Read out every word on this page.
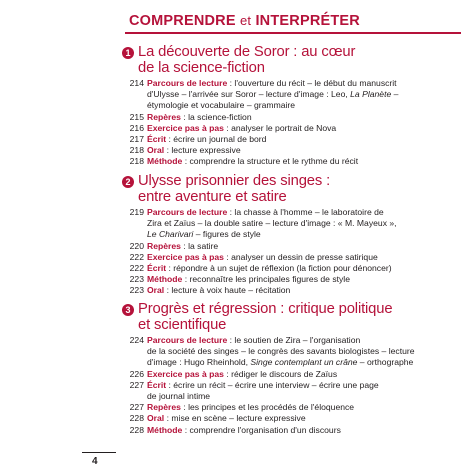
COMPRENDRE et INTERPRÉTER
1 La découverte de Soror : au cœur
de la science-fiction
214 Parcours de lecture : l'ouverture du récit – le début du manuscrit
d'Ulysse – l'arrivée sur Soror – lecture d'image : Leo, La Planète –
étymologie et vocabulaire – grammaire
215 Repères : la science-fiction
216 Exercice pas à pas : analyser le portrait de Nova
217 Écrit : écrire un journal de bord
218 Oral : lecture expressive
218 Méthode : comprendre la structure et le rythme du récit
2 Ulysse prisonnier des singes :
entre aventure et satire
219 Parcours de lecture : la chasse à l'homme – le laboratoire de
Zira et Zaïus – la double satire – lecture d'image : « M. Mayeux »,
Le Charivari – figures de style
220 Repères : la satire
222 Exercice pas à pas : analyser un dessin de presse satirique
222 Écrit : répondre à un sujet de réflexion (la fiction pour dénoncer)
223 Méthode : reconnaître les principales figures de style
223 Oral : lecture à voix haute – récitation
3 Progrès et régression : critique politique
et scientifique
224 Parcours de lecture : le soutien de Zira – l'organisation
de la société des singes – le congrès des savants biologistes – lecture
d'image : Hugo Rheinhold, Singe contemplant un crâne – orthographe
226 Exercice pas à pas : rédiger le discours de Zaïus
227 Écrit : écrire un récit – écrire une interview – écrire une page
de journal intime
227 Repères : les principes et les procédés de l'éloquence
228 Oral : mise en scène – lecture expressive
228 Méthode : comprendre l'organisation d'un discours
4
